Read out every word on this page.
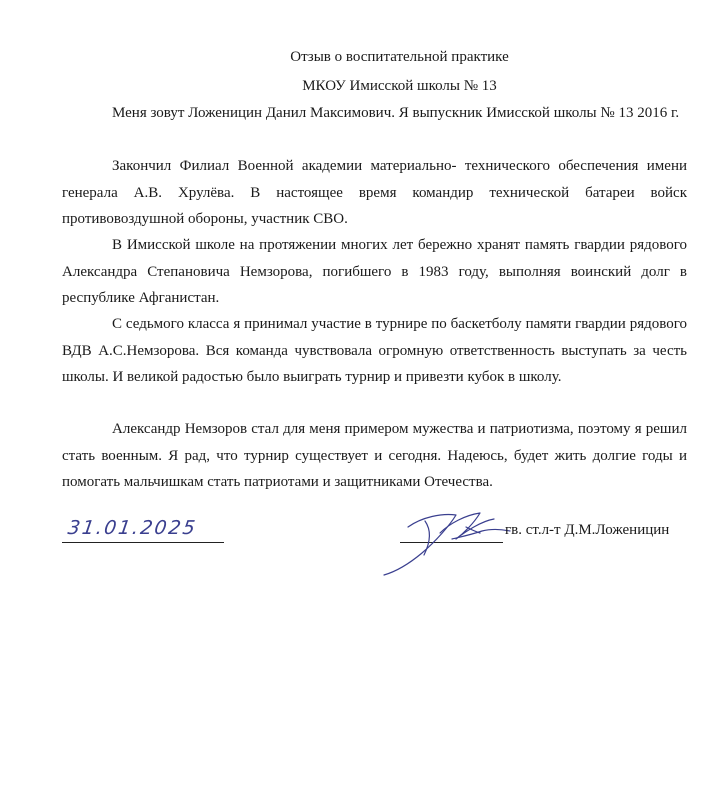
Отзыв о воспитательной практике
МКОУ Имисской школы № 13

Меня зовут Ложеницин Данил Максимович. Я выпускник Имисской школы № 13 2016 г.

Закончил Филиал Военной академии материально- технического обеспечения имени генерала А.В. Хрулёва. В настоящее время командир технической батареи войск противовоздушной обороны, участник СВО.

В Имисской школе на протяжении многих лет бережно хранят память гвардии рядового Александра Степановича Немзорова, погибшего в 1983 году, выполняя воинский долг в республике Афганистан.

С седьмого класса я принимал участие в турнире по баскетболу памяти гвардии рядового ВДВ А.С.Немзорова. Вся команда чувствовала огромную ответственность выступать за честь школы. И великой радостью было выиграть турнир и привезти кубок в школу.

Александр Немзоров стал для меня примером мужества и патриотизма, поэтому я решил стать военным. Я рад, что турнир существует и сегодня. Надеюсь, будет жить долгие годы и помогать мальчишкам стать патриотами и защитниками Отечества.

31.01.2025	гв. ст.л-т Д.М.Ложеницин
